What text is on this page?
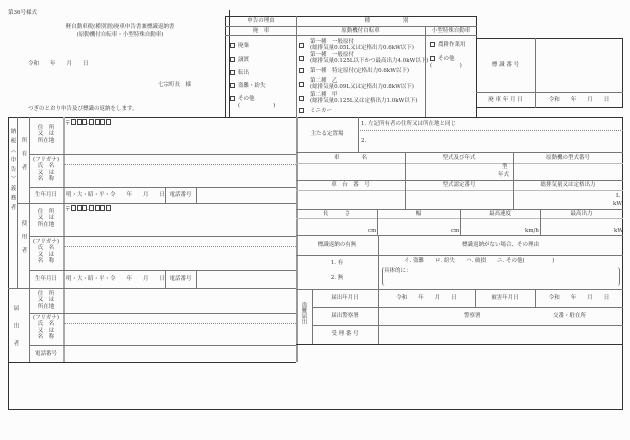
第36号様式
軽自動車税(種別割)廃車申告書兼標識返納書
(原動機付自転車・小型特殊自動車)
令和　　年　　月　　日
七宗町長　様
つぎのとおり申告及び標識の返納をします。
申告の理由
廃　車
種　　　　　　別
原動機付自転車	小型特殊自動車
廃棄
譲渡
転出
盗難・紛失
その他
(　　　　　　)
第一種　一般原付
(総排気量0.05L又は定格出力0.6kW以下)
第一種　一般原付
(総排気量0.125L以下かつ最高出力4.0kW以下)
第一種　特定原付(定格出力0.6kW以下)
第二種　乙
(総排気量0.09L又は定格出力0.8kW以下)
第二種　甲
(総排気量0.125L又は定格出力1.0kW以下)
ミニカー
農耕作業用
その他
(　　　　　)	標 識 番 号
廃 車 年 月 日	令和　　年　　月　　日
納税（申告）義務者 所有者
使用者
届出者
住　所
又　は
所在地
(フリガナ)
氏　名
又　は
名　称
生年月日
〒	-
明・大・昭・平・令　　年　　月　　日 電話番号
住　所
又　は
所在地
(フリガナ)
氏　名
又　は
名　称
生年月日
〒	-
明・大・昭・平・令　　年　　月　　日 電話番号
住　所
又　は
所在地
(フリガナ)
氏　名
又　は
名　称
電話番号
主たる定置場
1. 左記所有者の住所又は所在地と同じ
2.
車　　　　名	型式及び年式	原動機の型式番号
型
年式
車　台　番　号	型式認定番号	総排気量又は定格出力
L
kW
長　　　さ	幅	最高速度	最高出力
cm	cm	km/h	kW
標識返納の有無	標識返納がない場合、その理由
1. 有
2. 無
イ. 盗難　　ロ. 紛失　　ハ. 破損　　ニ. その他(　　　　　)
具体的に：
盗難届出
届出年月日	令和　　年　　月　　日	被害年月日	令和　　年　　月　　日
届出警察署	警察署	交番・駐在所
受 理 番 号
